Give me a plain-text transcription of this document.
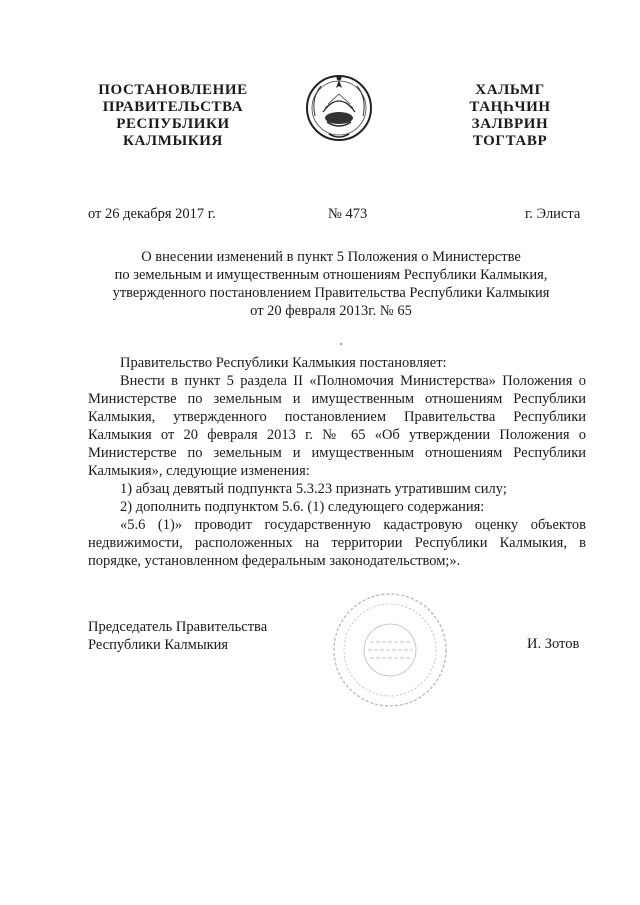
ПОСТАНОВЛЕНИЕ
ПРАВИТЕЛЬСТВА
РЕСПУБЛИКИ
КАЛМЫКИЯ
ХАЛЬМГ
ТАҢҺЧИН
ЗАЛВРИН
ТОГТАВР
от 26 декабря 2017 г.	№ 473	г. Элиста
О внесении изменений в пункт 5 Положения о Министерстве
по земельным и имущественным отношениям Республики Калмыкия,
утвержденного постановлением Правительства Республики Калмыкия
от 20 февраля 2013г. № 65

Правительство Республики Калмыкия постановляет:

Внести в пункт 5 раздела II «Полномочия Министерства» Положения о Министерстве по земельным и имущественным отношениям Республики Калмыкия, утвержденного постановлением Правительства Республики Калмыкия от 20 февраля 2013 г. № 65 «Об утверждении Положения о Министерстве по земельным и имущественным отношениям Республики Калмыкия», следующие изменения:

1) абзац девятый подпункта 5.3.23 признать утратившим силу;

2) дополнить подпунктом 5.6. (1) следующего содержания:

«5.6 (1)» проводит государственную кадастровую оценку объектов недвижимости, расположенных на территории Республики Калмыкия, в порядке, установленном федеральным законодательством;».

Председатель Правительства
Республики Калмыкия	И. Зотов
